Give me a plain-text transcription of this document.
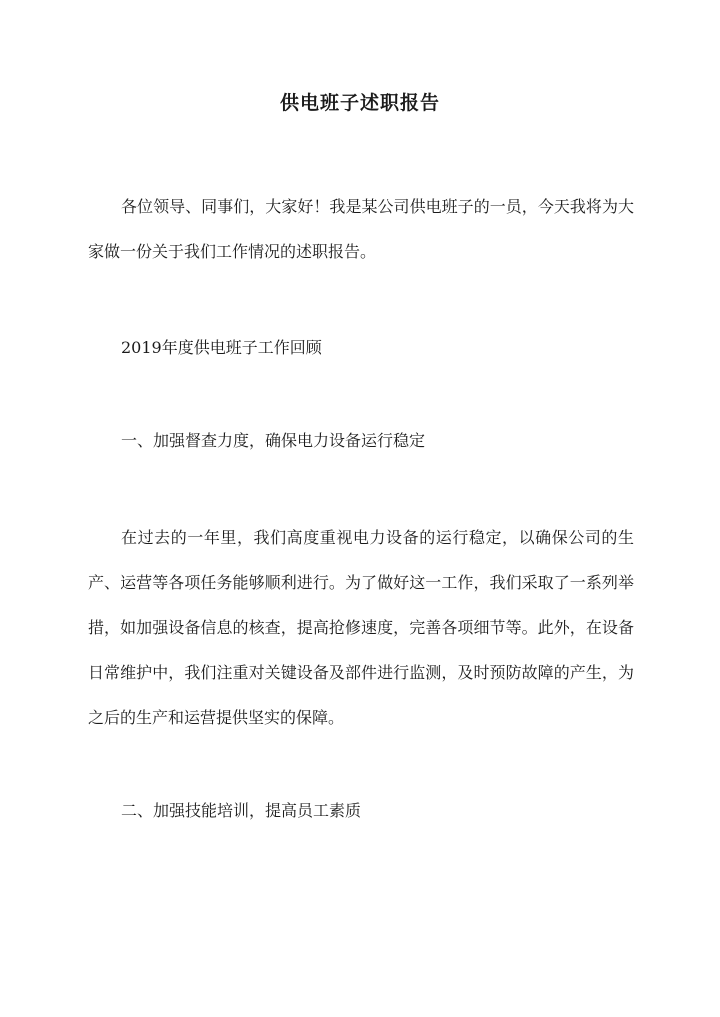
供电班子述职报告

各位领导、同事们，大家好！我是某公司供电班子的一员，今天我将为大家做一份关于我们工作情况的述职报告。

2019年度供电班子工作回顾

一、加强督查力度，确保电力设备运行稳定

在过去的一年里，我们高度重视电力设备的运行稳定，以确保公司的生产、运营等各项任务能够顺利进行。为了做好这一工作，我们采取了一系列举措，如加强设备信息的核查，提高抢修速度，完善各项细节等。此外，在设备日常维护中，我们注重对关键设备及部件进行监测，及时预防故障的产生，为之后的生产和运营提供坚实的保障。

二、加强技能培训，提高员工素质
